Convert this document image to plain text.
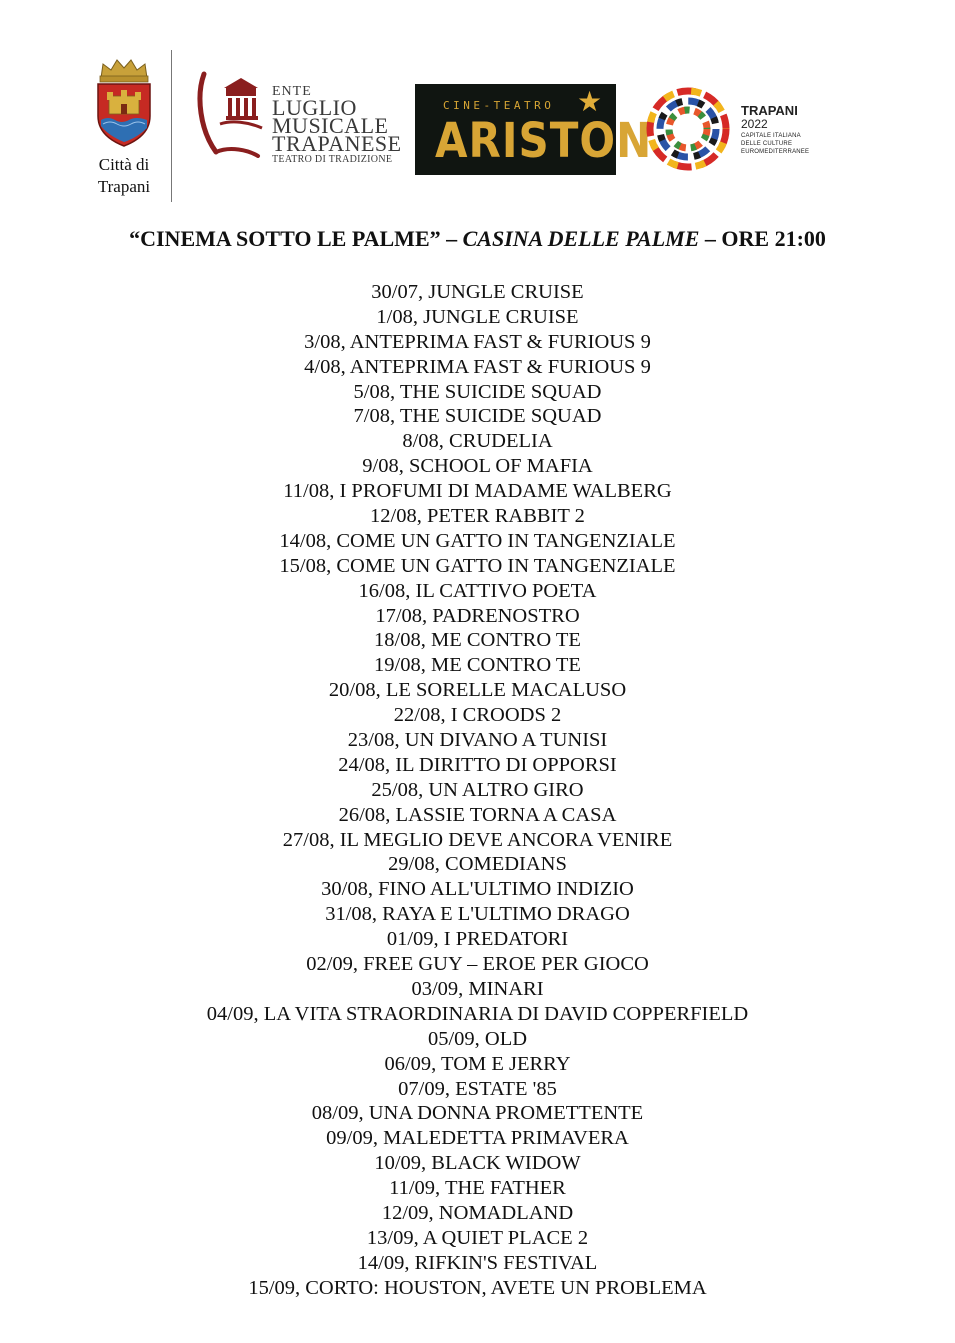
Città di
Trapani
ENTE
LUGLIO
MUSICALE
TRAPANESE
TEATRO DI TRADIZIONE
CINE-TEATRO ★
ARISTON
TRAPANI
2022
CAPITALE ITALIANA
DELLE CULTURE
EUROMEDITERRANEE
“CINEMA SOTTO LE PALME” – CASINA DELLE PALME – ORE 21:00
30/07, JUNGLE CRUISE
1/08, JUNGLE CRUISE
3/08, ANTEPRIMA FAST & FURIOUS 9
4/08, ANTEPRIMA FAST & FURIOUS 9
5/08, THE SUICIDE SQUAD
7/08, THE SUICIDE SQUAD
8/08, CRUDELIA
9/08, SCHOOL OF MAFIA
11/08, I PROFUMI DI MADAME WALBERG
12/08, PETER RABBIT 2
14/08, COME UN GATTO IN TANGENZIALE
15/08, COME UN GATTO IN TANGENZIALE
16/08, IL CATTIVO POETA
17/08, PADRENOSTRO
18/08, ME CONTRO TE
19/08, ME CONTRO TE
20/08, LE SORELLE MACALUSO
22/08, I CROODS 2
23/08, UN DIVANO A TUNISI
24/08, IL DIRITTO DI OPPORSI
25/08, UN ALTRO GIRO
26/08, LASSIE TORNA A CASA
27/08, IL MEGLIO DEVE ANCORA VENIRE
29/08, COMEDIANS
30/08, FINO ALL'ULTIMO INDIZIO
31/08, RAYA E L'ULTIMO DRAGO
01/09, I PREDATORI
02/09, FREE GUY – EROE PER GIOCO
03/09, MINARI
04/09, LA VITA STRAORDINARIA DI DAVID COPPERFIELD
05/09, OLD
06/09, TOM E JERRY
07/09, ESTATE '85
08/09, UNA DONNA PROMETTENTE
09/09, MALEDETTA PRIMAVERA
10/09, BLACK WIDOW
11/09, THE FATHER
12/09, NOMADLAND
13/09, A QUIET PLACE 2
14/09, RIFKIN'S FESTIVAL
15/09, CORTO: HOUSTON, AVETE UN PROBLEMA
